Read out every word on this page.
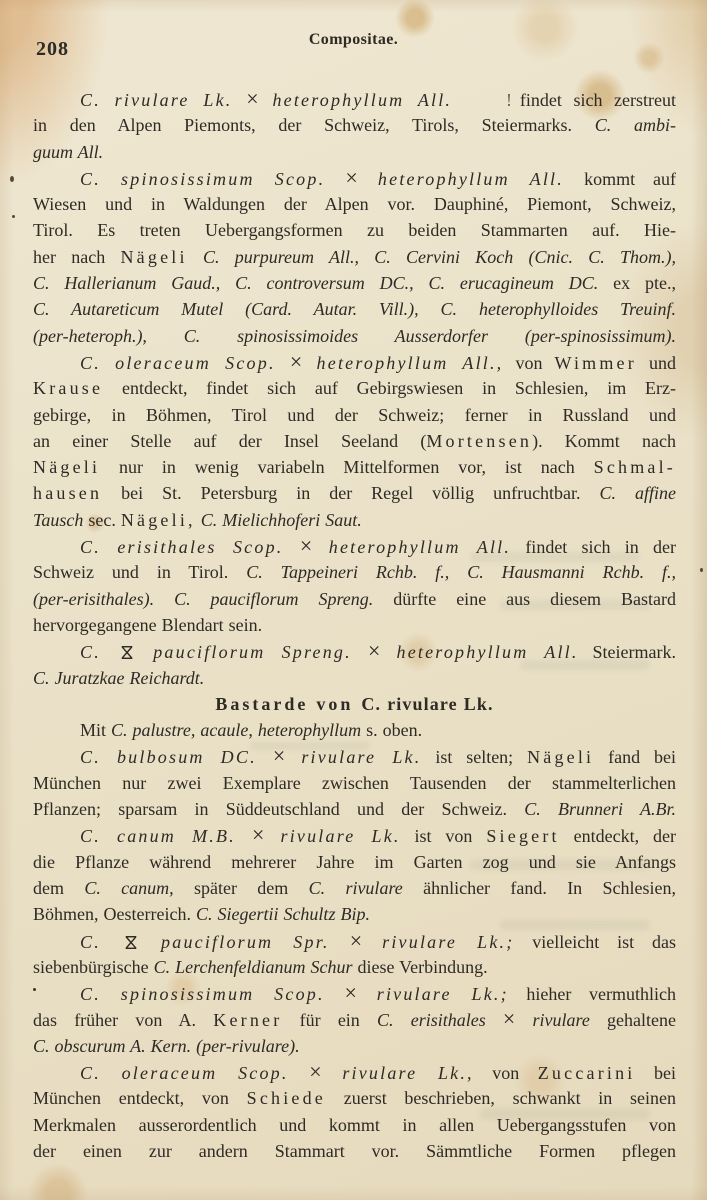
Compositae.
208
C. rivulare Lk. × heterophyllum All. ! findet sich zerstreut
in den Alpen Piemonts, der Schweiz, Tirols, Steiermarks. C. ambi-
guum All.
C. spinosissimum Scop. × heterophyllum All. kommt auf
Wiesen und in Waldungen der Alpen vor. Dauphiné, Piemont, Schweiz,
Tirol. Es treten Uebergangsformen zu beiden Stammarten auf. Hie-
her nach Nägeli C. purpureum All., C. Cervini Koch (Cnic. C. Thom.),
C. Hallerianum Gaud., C. controversum DC., C. erucagineum DC. ex pte.,
C. Autareticum Mutel (Card. Autar. Vill.), C. heterophylloides Treuinf.
(per-heteroph.), C. spinosissimoides Ausserdorfer (per-spinosissimum).
C. oleraceum Scop. × heterophyllum All., von Wimmer und
Krause entdeckt, findet sich auf Gebirgswiesen in Schlesien, im Erz-
gebirge, in Böhmen, Tirol und der Schweiz; ferner in Russland und
an einer Stelle auf der Insel Seeland (Mortensen). Kommt nach
Nägeli nur in wenig variabeln Mittelformen vor, ist nach Schmal-
hausen bei St. Petersburg in der Regel völlig unfruchtbar. C. affine
Tausch sec. Nägeli, C. Mielichhoferi Saut.
C. erisithales Scop. × heterophyllum All. findet sich in der
Schweiz und in Tirol. C. Tappeineri Rchb. f., C. Hausmanni Rchb. f.,
(per-erisithales). C. pauciflorum Spreng. dürfte eine aus diesem Bastard
hervorgegangene Blendart sein.
C.  pauciflorum Spreng. × heterophyllum All. Steiermark.
C. Juratzkae Reichardt.
Bastarde von C. rivulare Lk.
Mit C. palustre, acaule, heterophyllum s. oben.
C. bulbosum DC. × rivulare Lk. ist selten; Nägeli fand bei
München nur zwei Exemplare zwischen Tausenden der stammelterlichen
Pflanzen; sparsam in Süddeutschland und der Schweiz. C. Brunneri A.Br.
C. canum M.B. × rivulare Lk. ist von Siegert entdeckt, der
die Pflanze während mehrerer Jahre im Garten zog und sie Anfangs
dem C. canum, später dem C. rivulare ähnlicher fand. In Schlesien,
Böhmen, Oesterreich. C. Siegertii Schultz Bip.
C.  pauciflorum Spr. × rivulare Lk.; vielleicht ist das
siebenbürgische C. Lerchenfeldianum Schur diese Verbindung.
C. spinosissimum Scop. × rivulare Lk.; hieher vermuthlich
das früher von A. Kerner für ein C. erisithales × rivulare gehaltene
C. obscurum A. Kern. (per-rivulare).
C. oleraceum Scop. × rivulare Lk., von Zuccarini bei
München entdeckt, von Schiede zuerst beschrieben, schwankt in seinen
Merkmalen ausserordentlich und kommt in allen Uebergangsstufen von
der einen zur andern Stammart vor. Sämmtliche Formen pflegen
